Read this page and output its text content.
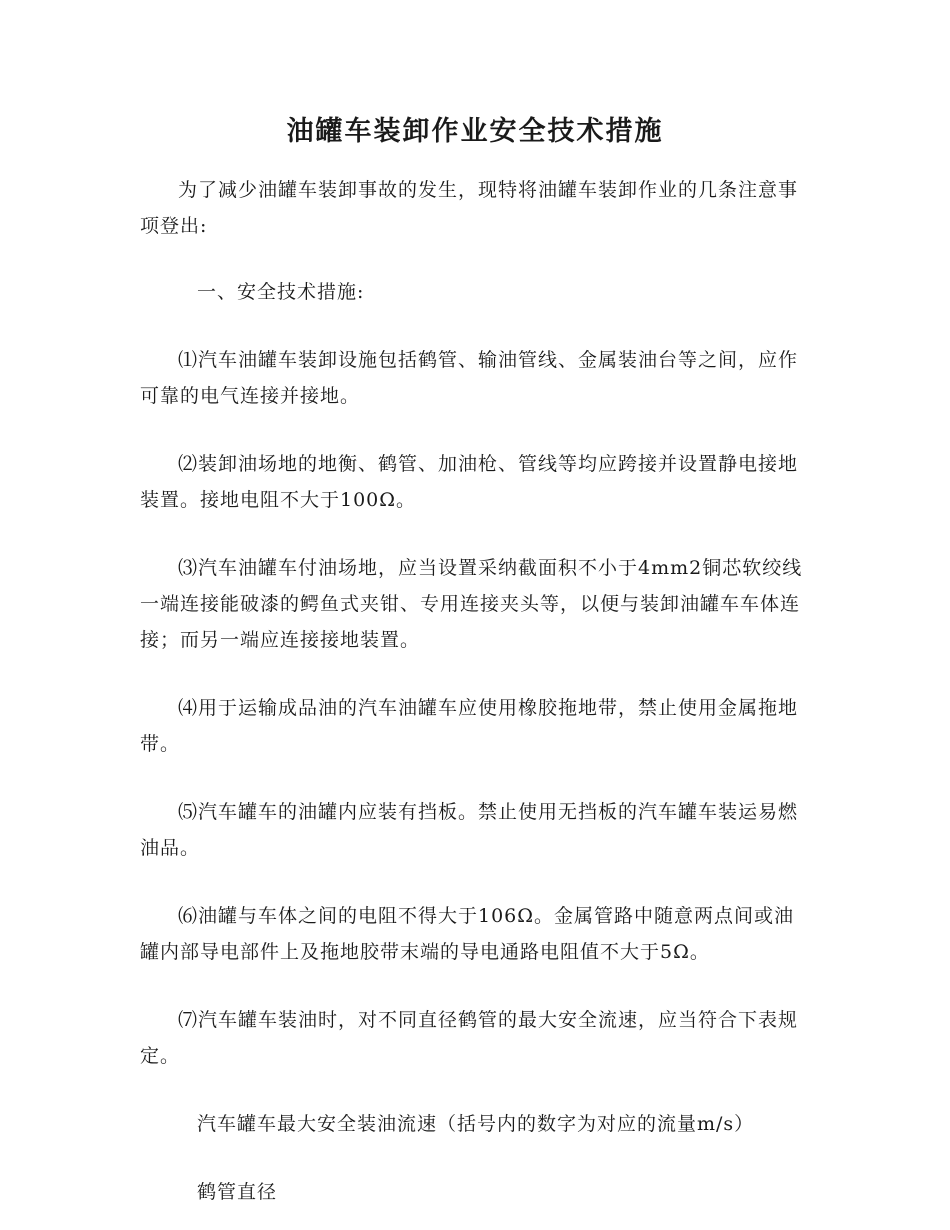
油罐车装卸作业安全技术措施

为了减少油罐车装卸事故的发生，现特将油罐车装卸作业的几条注意事项登出:

一、安全技术措施:

⑴汽车油罐车装卸设施包括鹤管、输油管线、金属装油台等之间，应作可靠的电气连接并接地。

⑵装卸油场地的地衡、鹤管、加油枪、管线等均应跨接并设置静电接地装置。接地电阻不大于100Ω。

⑶汽车油罐车付油场地，应当设置采纳截面积不小于4mm2铜芯软绞线一端连接能破漆的鳄鱼式夹钳、专用连接夹头等，以便与装卸油罐车车体连接；而另一端应连接接地装置。

⑷用于运输成品油的汽车油罐车应使用橡胶拖地带，禁止使用金属拖地带。

⑸汽车罐车的油罐内应装有挡板。禁止使用无挡板的汽车罐车装运易燃油品。

⑹油罐与车体之间的电阻不得大于106Ω。金属管路中随意两点间或油罐内部导电部件上及拖地胶带末端的导电通路电阻值不大于5Ω。

⑺汽车罐车装油时，对不同直径鹤管的最大安全流速，应当符合下表规定。

汽车罐车最大安全装油流速（括号内的数字为对应的流量m/s）

鹤管直径
